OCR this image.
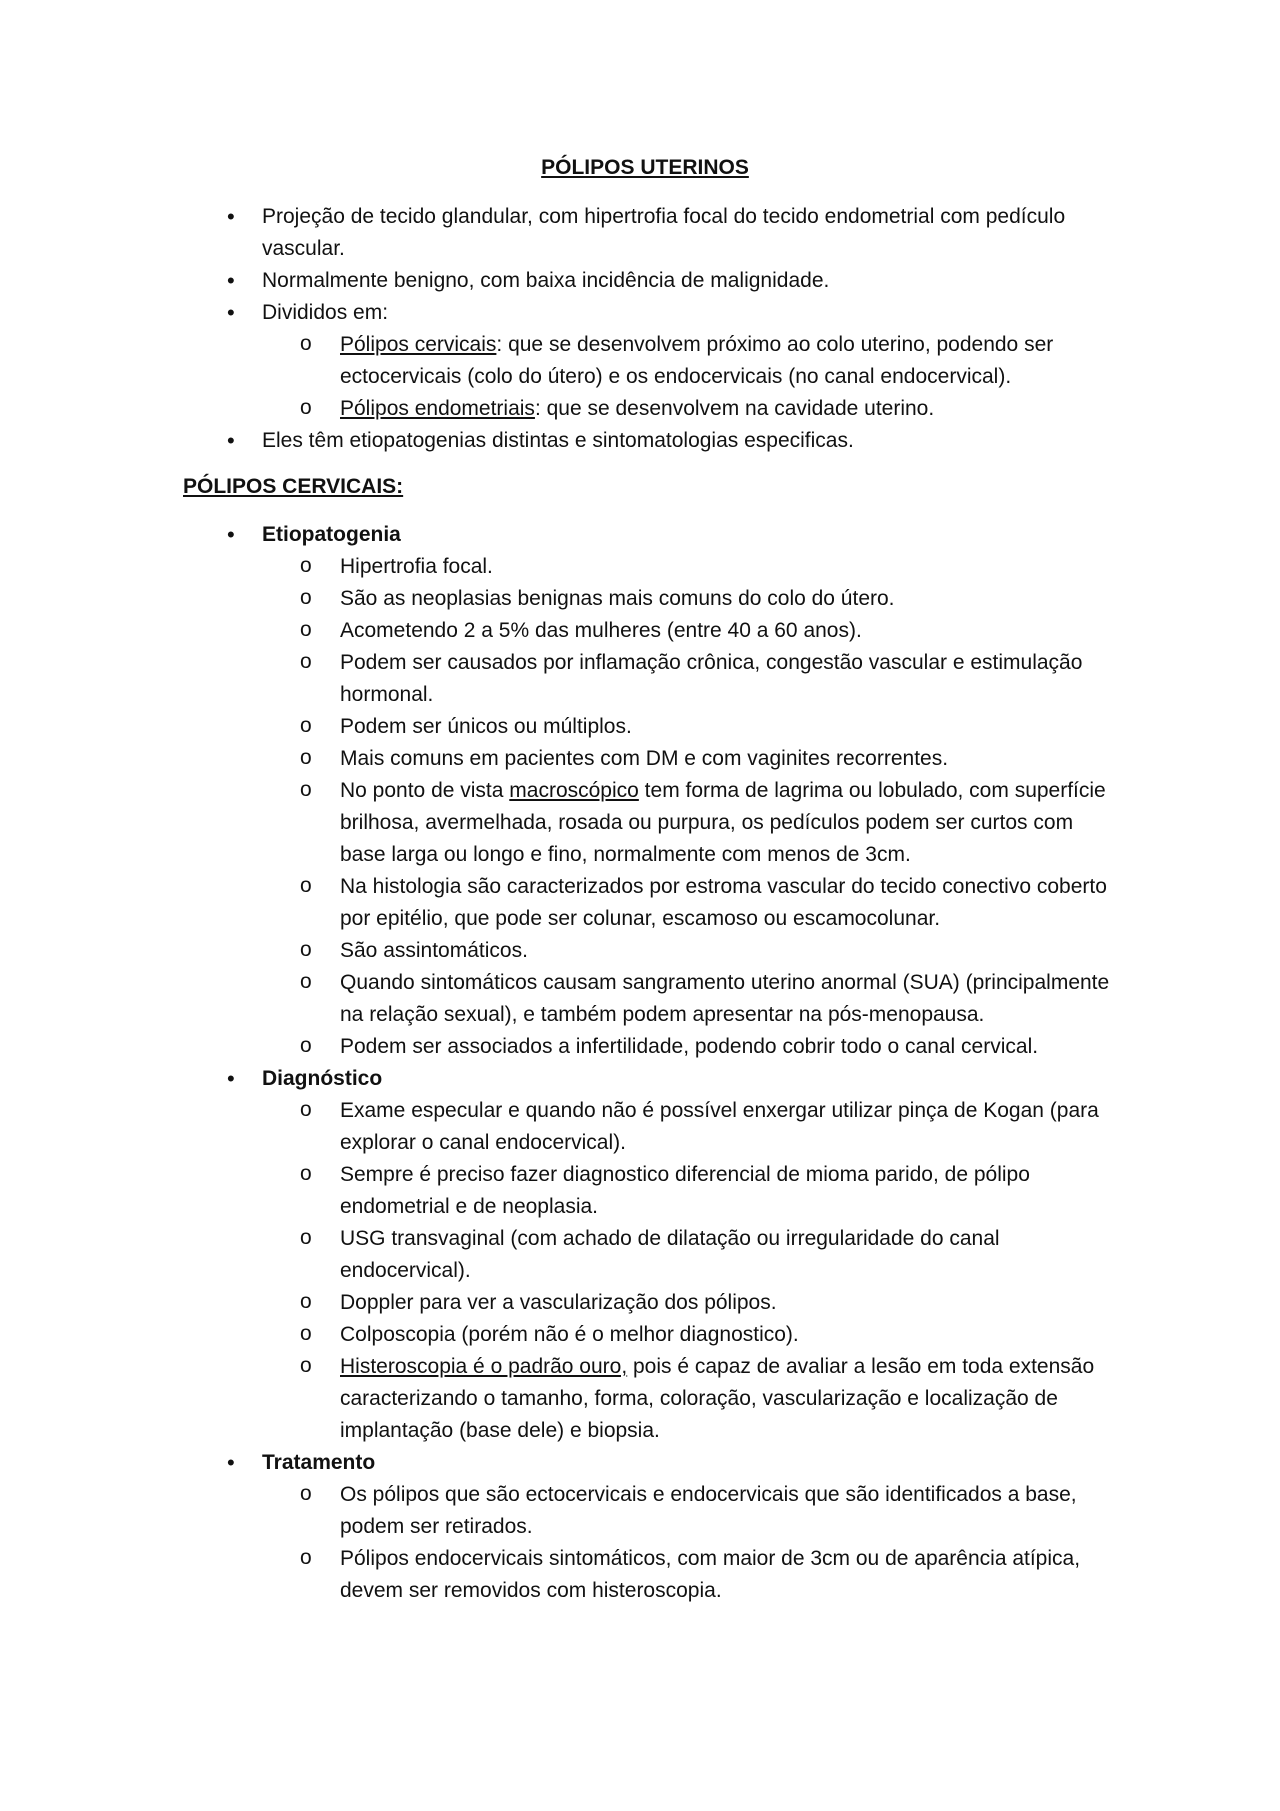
PÓLIPOS UTERINOS
• Projeção de tecido glandular, com hipertrofia focal do tecido endometrial com pedículo vascular.
• Normalmente benigno, com baixa incidência de malignidade.
• Divididos em:
o Pólipos cervicais: que se desenvolvem próximo ao colo uterino, podendo ser ectocervicais (colo do útero) e os endocervicais (no canal endocervical).
o Pólipos endometriais: que se desenvolvem na cavidade uterino.
• Eles têm etiopatogenias distintas e sintomatologias especificas.
PÓLIPOS CERVICAIS:
• Etiopatogenia
o Hipertrofia focal.
o São as neoplasias benignas mais comuns do colo do útero.
o Acometendo 2 a 5% das mulheres (entre 40 a 60 anos).
o Podem ser causados por inflamação crônica, congestão vascular e estimulação hormonal.
o Podem ser únicos ou múltiplos.
o Mais comuns em pacientes com DM e com vaginites recorrentes.
o No ponto de vista macroscópico tem forma de lagrima ou lobulado, com superfície brilhosa, avermelhada, rosada ou purpura, os pedículos podem ser curtos com base larga ou longo e fino, normalmente com menos de 3cm.
o Na histologia são caracterizados por estroma vascular do tecido conectivo coberto por epitélio, que pode ser colunar, escamoso ou escamocolunar.
o São assintomáticos.
o Quando sintomáticos causam sangramento uterino anormal (SUA) (principalmente na relação sexual), e também podem apresentar na pós-menopausa.
o Podem ser associados a infertilidade, podendo cobrir todo o canal cervical.
• Diagnóstico
o Exame especular e quando não é possível enxergar utilizar pinça de Kogan (para explorar o canal endocervical).
o Sempre é preciso fazer diagnostico diferencial de mioma parido, de pólipo endometrial e de neoplasia.
o USG transvaginal (com achado de dilatação ou irregularidade do canal endocervical).
o Doppler para ver a vascularização dos pólipos.
o Colposcopia (porém não é o melhor diagnostico).
o Histeroscopia é o padrão ouro, pois é capaz de avaliar a lesão em toda extensão caracterizando o tamanho, forma, coloração, vascularização e localização de implantação (base dele) e biopsia.
• Tratamento
o Os pólipos que são ectocervicais e endocervicais que são identificados a base, podem ser retirados.
o Pólipos endocervicais sintomáticos, com maior de 3cm ou de aparência atípica, devem ser removidos com histeroscopia.
